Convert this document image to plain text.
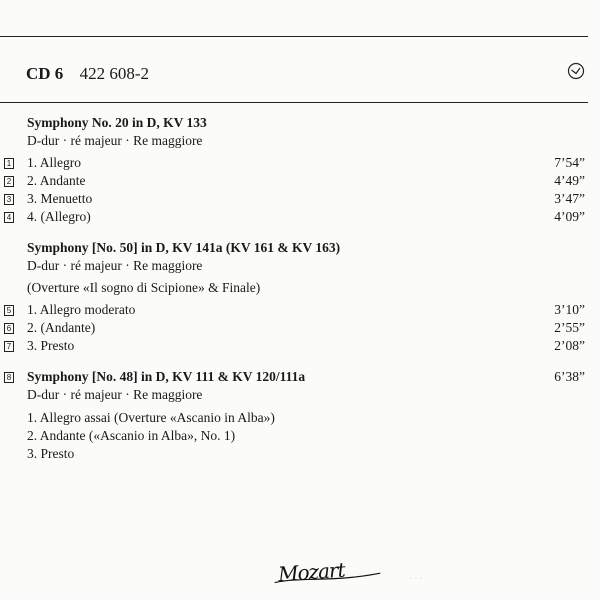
CD 6 422 608-2
Symphony No. 20 in D, KV 133
D-dur · ré majeur · Re maggiore
1 1. Allegro	7’54”
2 2. Andante	4’49”
3 3. Menuetto	3’47”
4 4. (Allegro)	4’09”
Symphony [No. 50] in D, KV 141a (KV 161 & KV 163)
D-dur · ré majeur · Re maggiore
(Overture «Il sogno di Scipione» & Finale)
5 1. Allegro moderato	3’10”
6 2. (Andante)	2’55”
7 3. Presto	2’08”
8 Symphony [No. 48] in D, KV 111 & KV 120/111a	6’38”
D-dur · ré majeur · Re maggiore
1. Allegro assai (Overture «Ascanio in Alba»)
2. Andante («Ascanio in Alba», No. 1)
3. Presto
Mozart	· · ·
